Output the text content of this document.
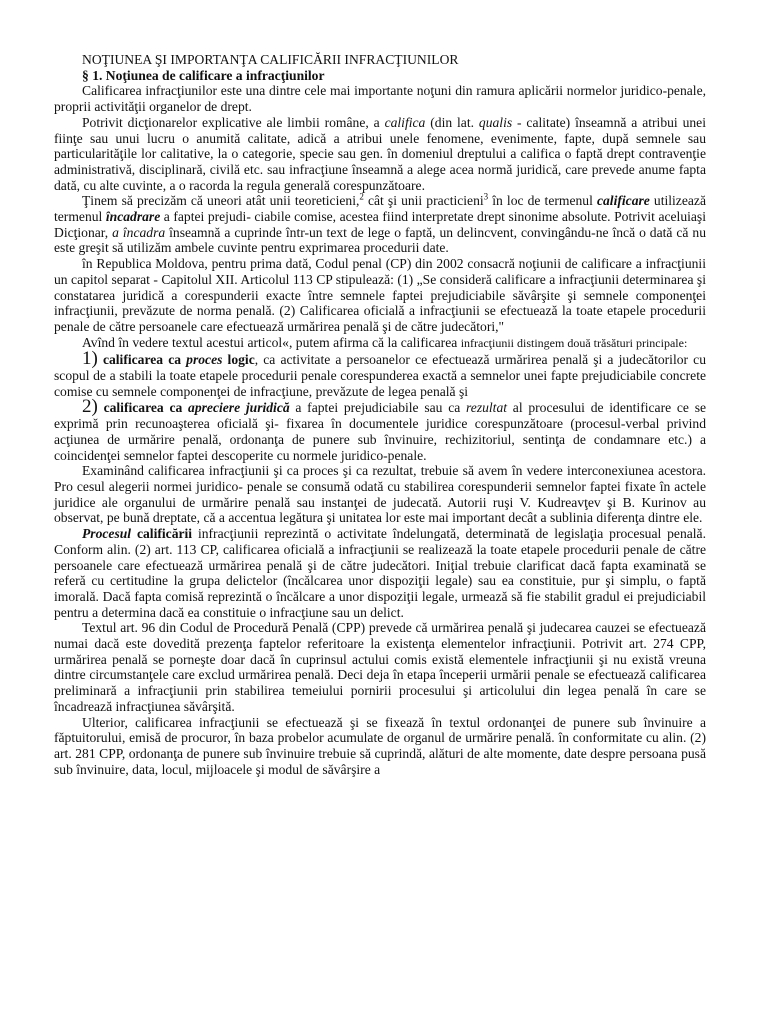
NOŢIUNEA ŞI IMPORTANŢA CALIFICĂRII INFRACŢIUNILOR

§ 1. Noţiunea de calificare a infracţiunilor

Calificarea infracţiunilor este una dintre cele mai importante noţuni din ramura aplicării normelor juridico-penale, proprii activităţii organelor de drept.

Potrivit dicţionarelor explicative ale limbii române, a califica (din lat. qualis - calitate) înseamnă a atribui unei fiinţe sau unui lucru o anumită calitate, adică a atribui unele fenomene, evenimente, fapte, după semnele sau particularităţile lor calitative, la o categorie, specie sau gen. în domeniul dreptului a califica o faptă drept contravenţie administrativă, disciplinară, civilă etc. sau infracţiune înseamnă a alege acea normă juridică, care prevede anume fapta dată, cu alte cuvinte, a o racorda la regula generală corespunzătoare.

Ţinem să precizăm că uneori atât unii teoreticieni,$^2$ cât şi unii practicieni$^3$ în loc de termenul calificare utilizează termenul încadrare a faptei prejudi- ciabile comise, acestea fiind interpretate drept sinonime absolute. Potrivit aceluiaşi Dicţionar, a încadra înseamnă a cuprinde într-un text de lege o faptă, un delincvent, convingându-ne încă o dată că nu este greşit să utilizăm ambele cuvinte pentru exprimarea procedurii date.

în Republica Moldova, pentru prima dată, Codul penal (CP) din 2002 consacră noţiunii de calificare a infracţiunii un capitol separat - Capitolul XII. Articolul 113 CP stipulează: (1) „Se consideră calificare a infracţiunii determinarea şi constatarea juridică a corespunderii exacte între semnele faptei prejudiciabile săvârşite şi semnele componenţei infracţiunii, prevăzute de norma penală. (2) Calificarea oficială a infracţiunii se efectuează la toate etapele procedurii penale de către persoanele care efectuează urmărirea penală şi de către judecători,"

Avînd în vedere textul acestui articol«, putem afirma că la calificarea infracţiunii distingem două trăsături principale:

1) calificarea ca proces logic, ca activitate a persoanelor ce efectuează urmărirea penală şi a judecătorilor cu scopul de a stabili la toate etapele procedurii penale corespunderea exactă a semnelor unei fapte prejudiciabile concrete comise cu semnele componenţei de infracţiune, prevăzute de legea penală şi

2) calificarea ca apreciere juridică a faptei prejudiciabile sau ca rezultat al procesului de identificare ce se exprimă prin recunoaşterea oficială şi- fixarea în documentele juridice corespunzătoare (procesul-verbal privind acţiunea de urmărire penală, ordonanţa de punere sub învinuire, rechizitoriul, sentinţa de condamnare etc.) a coincidenţei semnelor faptei descoperite cu normele juridico-penale.

Examinând calificarea infracţiunii şi ca proces şi ca rezultat, trebuie să avem în vedere interconexiunea acestora. Pro cesul alegerii normei juridico- penale se consumă odată cu stabilirea corespunderii semnelor faptei fixate în actele juridice ale organului de urmărire penală sau instanţei de judecată. Autorii ruşi V. Kudreavţev şi B. Kurinov au observat, pe bună dreptate, că a accentua legătura şi unitatea lor este mai important decât a sublinia diferenţa dintre ele.

Procesul calificării infracţiunii reprezintă o activitate îndelungată, determinată de legislaţia procesual penală. Conform alin. (2) art. 113 CP, calificarea oficială a infracţiunii se realizează la toate etapele procedurii penale de către persoanele care efectuează urmărirea penală şi de către judecători. Iniţial trebuie clarificat dacă fapta examinată se referă cu certitudine la grupa delictelor (încălcarea unor dispoziţii legale) sau ea constituie, pur şi simplu, o faptă imorală. Dacă fapta comisă reprezintă o încălcare a unor dispoziţii legale, urmează să fie stabilit gradul ei prejudiciabil pentru a determina dacă ea constituie o infracţiune sau un delict.

Textul art. 96 din Codul de Procedură Penală (CPP) prevede că urmărirea penală şi judecarea cauzei se efectuează numai dacă este dovedită prezenţa faptelor referitoare la existenţa elementelor infracţiunii. Potrivit art. 274 CPP, urmărirea penală se porneşte doar dacă în cuprinsul actului comis există elementele infracţiunii şi nu există vreuna dintre circumstanţele care exclud urmărirea penală. Deci deja în etapa începerii urmării penale se efectuează calificarea preliminară a infracţiunii prin stabilirea temeiului pornirii procesului şi articolului din legea penală în care se încadrează infracţiunea săvârşită.

Ulterior, calificarea infracţiunii se efectuează şi se fixează în textul ordonanţei de punere sub învinuire a făptuitorului, emisă de procuror, în baza probelor acumulate de organul de urmărire penală. în conformitate cu alin. (2) art. 281 CPP, ordonanţa de punere sub învinuire trebuie să cuprindă, alături de alte momente, date despre persoana pusă sub învinuire, data, locul, mijloacele şi modul de săvârşire a
